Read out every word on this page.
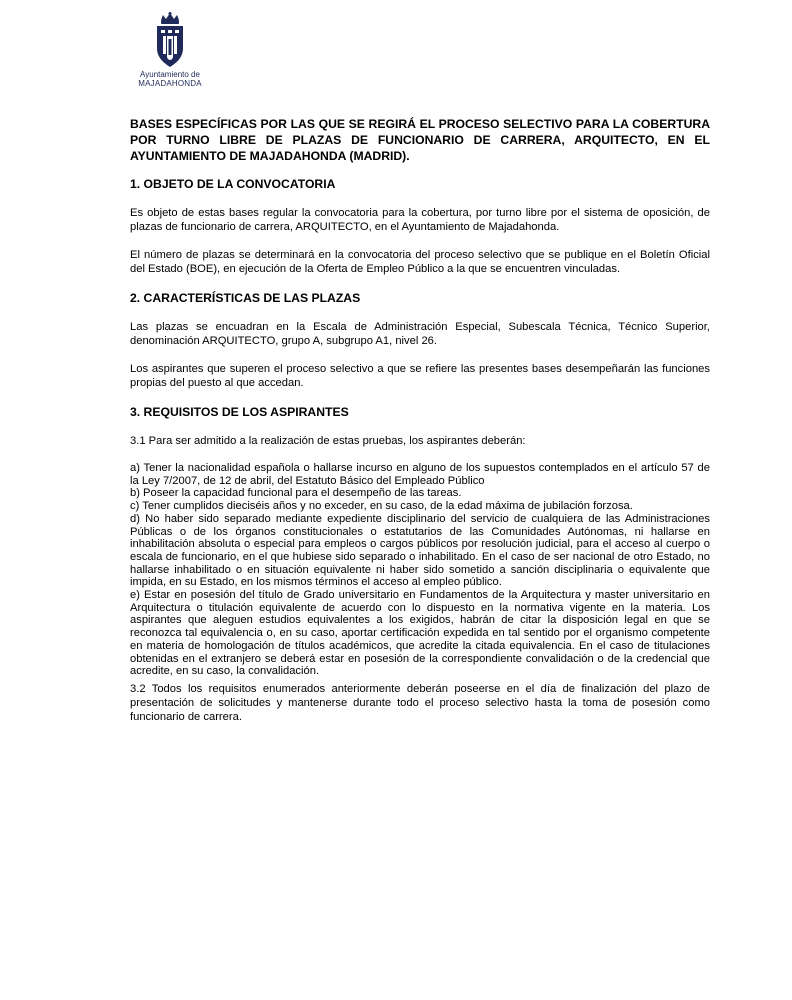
Ayuntamiento de
MAJADAHONDA
BASES ESPECÍFICAS POR LAS QUE SE REGIRÁ EL PROCESO SELECTIVO PARA LA COBERTURA POR TURNO LIBRE DE PLAZAS DE FUNCIONARIO DE CARRERA, ARQUITECTO, EN EL AYUNTAMIENTO DE MAJADAHONDA (MADRID).
1. OBJETO DE LA CONVOCATORIA
Es objeto de estas bases regular la convocatoria para la cobertura, por turno libre por el sistema de oposición, de plazas de funcionario de carrera, ARQUITECTO, en el Ayuntamiento de Majadahonda.
El número de plazas se determinará en la convocatoria del proceso selectivo que se publique en el Boletín Oficial del Estado (BOE), en ejecución de la Oferta de Empleo Público a la que se encuentren vinculadas.
2. CARACTERÍSTICAS DE LAS PLAZAS
Las plazas se encuadran en la Escala de Administración Especial, Subescala Técnica, Técnico Superior, denominación ARQUITECTO, grupo A, subgrupo A1, nivel 26.
Los aspirantes que superen el proceso selectivo a que se refiere las presentes bases desempeñarán las funciones propias del puesto al que accedan.
3. REQUISITOS DE LOS ASPIRANTES
3.1 Para ser admitido a la realización de estas pruebas, los aspirantes deberán:
a) Tener la nacionalidad española o hallarse incurso en alguno de los supuestos contemplados en el artículo 57 de la Ley 7/2007, de 12 de abril, del Estatuto Básico del Empleado Público
b) Poseer la capacidad funcional para el desempeño de las tareas.
c) Tener cumplidos dieciséis años y no exceder, en su caso, de la edad máxima de jubilación forzosa.
d) No haber sido separado mediante expediente disciplinario del servicio de cualquiera de las Administraciones Públicas o de los órganos constitucionales o estatutarios de las Comunidades Autónomas, ni hallarse en inhabilitación absoluta o especial para empleos o cargos públicos por resolución judicial, para el acceso al cuerpo o escala de funcionario, en el que hubiese sido separado o inhabilitado. En el caso de ser nacional de otro Estado, no hallarse inhabilitado o en situación equivalente ni haber sido sometido a sanción disciplinaria o equivalente que impida, en su Estado, en los mismos términos el acceso al empleo público.
e) Estar en posesión del título de Grado universitario en Fundamentos de la Arquitectura y master universitario en Arquitectura o titulación equivalente de acuerdo con lo dispuesto en la normativa vigente en la materia. Los aspirantes que aleguen estudios equivalentes a los exigidos, habrán de citar la disposición legal en que se reconozca tal equivalencia o, en su caso, aportar certificación expedida en tal sentido por el organismo competente en materia de homologación de títulos académicos, que acredite la citada equivalencia. En el caso de titulaciones obtenidas en el extranjero se deberá estar en posesión de la correspondiente convalidación o de la credencial que acredite, en su caso, la convalidación.
3.2 Todos los requisitos enumerados anteriormente deberán poseerse en el día de finalización del plazo de presentación de solicitudes y mantenerse durante todo el proceso selectivo hasta la toma de posesión como funcionario de carrera.
